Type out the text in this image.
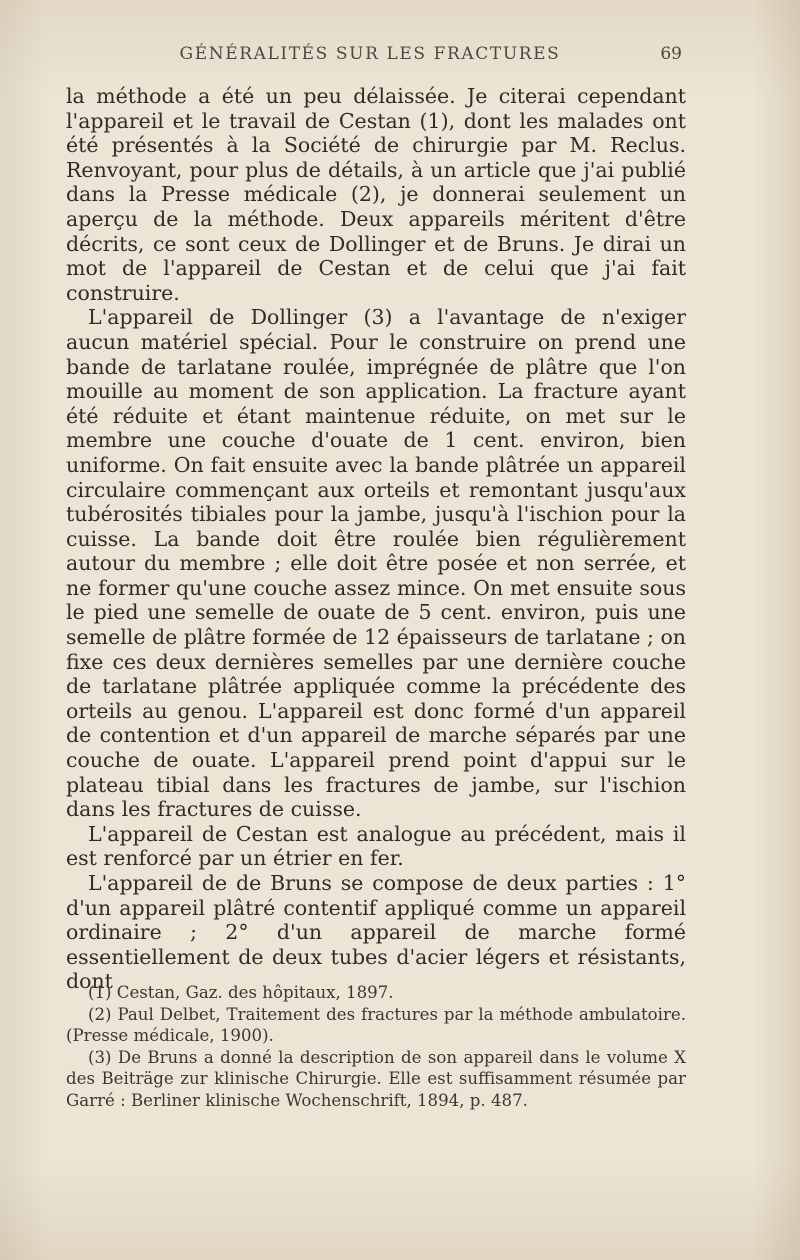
GÉNÉRALITÉS SUR LES FRACTURES	69

la méthode a été un peu délaissée. Je citerai cependant l'appareil et le travail de Cestan (1), dont les malades ont été présentés à la Société de chirurgie par M. Reclus. Renvoyant, pour plus de détails, à un article que j'ai publié dans la Presse médicale (2), je donnerai seulement un aperçu de la méthode. Deux appareils méritent d'être décrits, ce sont ceux de Dollinger et de Bruns. Je dirai un mot de l'appareil de Cestan et de celui que j'ai fait construire.

L'appareil de Dollinger (3) a l'avantage de n'exiger aucun matériel spécial. Pour le construire on prend une bande de tarlatane roulée, imprégnée de plâtre que l'on mouille au moment de son application. La fracture ayant été réduite et étant maintenue réduite, on met sur le membre une couche d'ouate de 1 cent. environ, bien uniforme. On fait ensuite avec la bande plâtrée un appareil circulaire commençant aux orteils et remontant jusqu'aux tubérosités tibiales pour la jambe, jusqu'à l'ischion pour la cuisse. La bande doit être roulée bien régulièrement autour du membre ; elle doit être posée et non serrée, et ne former qu'une couche assez mince. On met ensuite sous le pied une semelle de ouate de 5 cent. environ, puis une semelle de plâtre formée de 12 épaisseurs de tarlatane ; on fixe ces deux dernières semelles par une dernière couche de tarlatane plâtrée appliquée comme la précédente des orteils au genou. L'appareil est donc formé d'un appareil de contention et d'un appareil de marche séparés par une couche de ouate. L'appareil prend point d'appui sur le plateau tibial dans les fractures de jambe, sur l'ischion dans les fractures de cuisse.

L'appareil de Cestan est analogue au précédent, mais il est renforcé par un étrier en fer.

L'appareil de de Bruns se compose de deux parties : 1° d'un appareil plâtré contentif appliqué comme un appareil ordinaire ; 2° d'un appareil de marche formé essentiellement de deux tubes d'acier légers et résistants, dont

(1) Cestan, Gaz. des hôpitaux, 1897.

(2) Paul Delbet, Traitement des fractures par la méthode ambulatoire. (Presse médicale, 1900).

(3) De Bruns a donné la description de son appareil dans le volume X des Beiträge zur klinische Chirurgie. Elle est suffisamment résumée par Garré : Berliner klinische Wochenschrift, 1894, p. 487.
